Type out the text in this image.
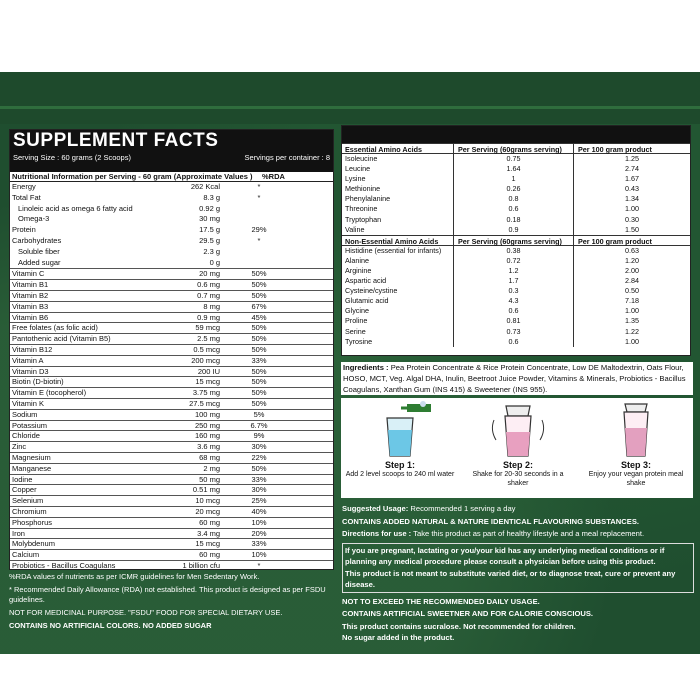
SUPPLEMENT FACTS
Serving Size : 60 grams (2 Scoops)	Servings per container : 8
Nutritional Information per Serving - 60 gram (Approximate Values )	%RDA
Energy	262 Kcal	*
Total Fat	8.3 g	*
Linoleic acid as omega 6 fatty acid	0.92 g
Omega-3	30 mg
Protein	17.5 g	29%
Carbohydrates	29.5 g	*
Soluble fiber	2.3 g
Added sugar	0 g
Vitamin C	20 mg	50%
Vitamin B1	0.6 mg	50%
Vitamin B2	0.7 mg	50%
Vitamin B3	8 mg	67%
Vitamin B6	0.9 mg	45%
Free folates (as folic acid)	59 mcg	50%
Pantothenic acid (Vitamin B5)	2.5 mg	50%
Vitamin B12	0.5 mcg	50%
Vitamin A	200 mcg	33%
Vitamin D3	200 IU	50%
Biotin (D-biotin)	15 mcg	50%
Vitamin E (tocopherol)	3.75 mg	50%
Vitamin K	27.5 mcg	50%
Sodium	100 mg	5%
Potassium	250 mg	6.7%
Chloride	160 mg	9%
Zinc	3.6 mg	30%
Magnesium	68 mg	22%
Manganese	2 mg	50%
Iodine	50 mg	33%
Copper	0.51 mg	30%
Selenium	10 mcg	25%
Chromium	20 mcg	40%
Phosphorus	60 mg	10%
Iron	3.4 mg	20%
Molybdenum	15 mcg	33%
Calcium	60 mg	10%
Probiotics - Bacillus Coagulans	1 billion cfu	*
%RDA values of nutrients as per ICMR guidelines for Men Sedentary Work.
* Recommended Daily Allowance (RDA) not established. This product is designed as per FSDU guidelines.
NOT FOR MEDICINAL PURPOSE. "FSDU" FOOD FOR SPECIAL DIETARY USE.
CONTAINS NO ARTIFICIAL COLORS. NO ADDED SUGAR
Essential Amino Acids	Per Serving (60grams serving)	Per 100 gram product
Isoleucine	0.75	1.25
Leucine	1.64	2.74
Lysine	1	1.67
Methionine	0.26	0.43
Phenylalanine	0.8	1.34
Threonine	0.6	1.00
Tryptophan	0.18	0.30
Valine	0.9	1.50
Non-Essential Amino Acids	Per Serving (60grams serving)	Per 100 gram product
Histidine (essential for infants)	0.38	0.63
Alanine	0.72	1.20
Arginine	1.2	2.00
Aspartic acid	1.7	2.84
Cysteine/cystine	0.3	0.50
Glutamic acid	4.3	7.18
Glycine	0.6	1.00
Proline	0.81	1.35
Serine	0.73	1.22
Tyrosine	0.6	1.00
Ingredients : Pea Protein Concentrate & Rice Protein Concentrate, Low DE Maltodextrin, Oats Flour, HOSO, MCT, Veg. Algal DHA, Inulin, Beetroot Juice Powder, Vitamins & Minerals, Probiotics - Bacillus Coagulans, Xanthan Gum (INS 415) & Sweetener (INS 955).
Step 1:
Add 2 level scoops to 240 ml water
Step 2:
Shake for 20-30 seconds in a shaker
Step 3:
Enjoy your vegan protein meal shake
Suggested Usage: Recommended 1 serving a day
CONTAINS ADDED NATURAL & NATURE IDENTICAL FLAVOURING SUBSTANCES.
Directions for use : Take this product as part of healthy lifestyle and a meal replacement.
If you are pregnant, lactating or you/your kid has any underlying medical conditions or if planning any medical procedure please consult a physician before using this product.
This product is not meant to substitute varied diet, or to diagnose treat, cure or prevent any disease.
NOT TO EXCEED THE RECOMMENDED DAILY USAGE.
CONTAINS ARTIFICIAL SWEETNER AND FOR CALORIE CONSCIOUS.
This product contains sucralose. Not recommended for children.
No sugar added in the product.
